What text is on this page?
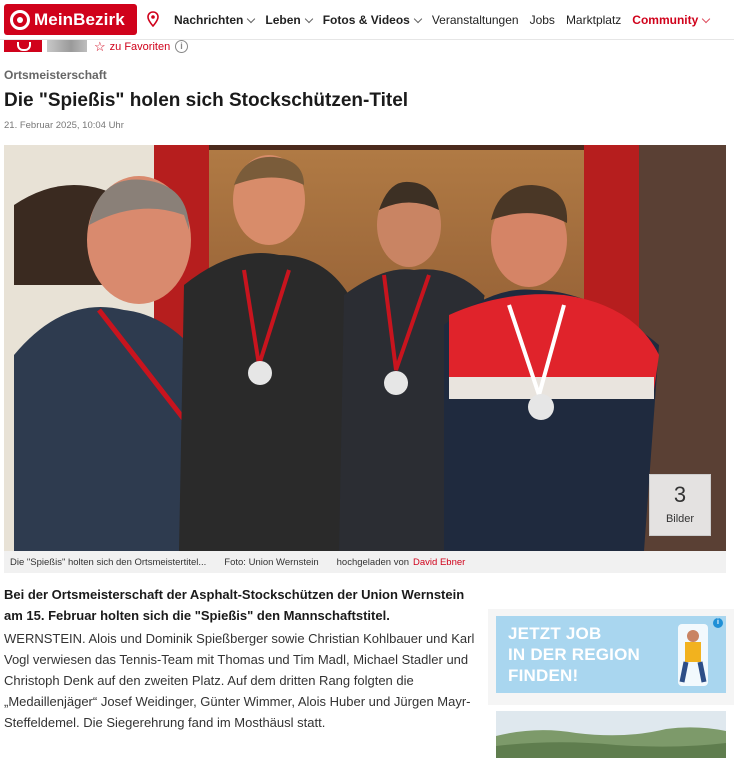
MeinBezirk	Nachrichten Leben Fotos & Videos Veranstaltungen Jobs Marktplatz Community
☆ zu Favoriten	i
Ortsmeisterschaft
Die "Spießis" holen sich Stockschützen-Titel
21. Februar 2025, 10:04 Uhr
3
Bilder
Die "Spießis" holten sich den Ortsmeistertitel... Foto: Union Wernstein hochgeladen von David Ebner

Bei der Ortsmeisterschaft der Asphalt-Stockschützen der Union Wernstein am 15. Februar holten sich die "Spießis" den Mannschaftstitel.

WERNSTEIN. Alois und Dominik Spießberger sowie Christian Kohlbauer und Karl Vogl verwiesen das Tennis-Team mit Thomas und Tim Madl, Michael Stadler und Christoph Denk auf den zweiten Platz. Auf dem dritten Rang folgten die „Medaillenjäger“ Josef Weidinger, Günter Wimmer, Alois Huber und Jürgen Mayr-Steffeldemel. Die Siegerehrung fand im Mosthäusl statt.

JETZT JOB
IN DER REGION
FINDEN!
i
